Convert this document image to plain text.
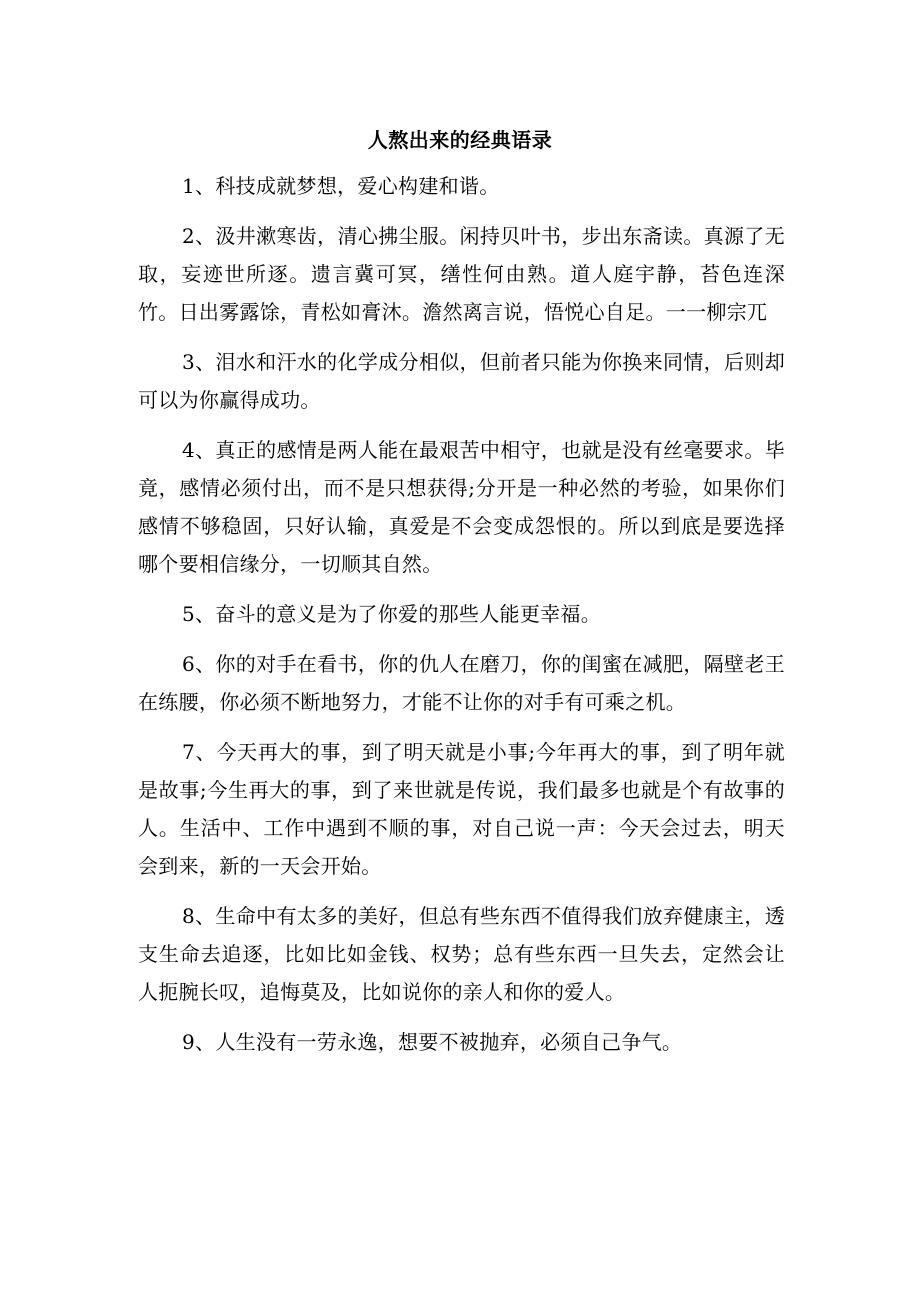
人熬出来的经典语录

1、科技成就梦想，爱心构建和谐。

2、汲井漱寒齿，清心拂尘服。闲持贝叶书，步出东斋读。真源了无取，妄迹世所逐。遗言冀可冥，缮性何由熟。道人庭宇静，苔色连深竹。日出雾露馀，青松如膏沐。澹然离言说，悟悦心自足。一一柳宗兀

3、泪水和汗水的化学成分相似，但前者只能为你换来同情，后则却可以为你赢得成功。

4、真正的感情是两人能在最艰苦中相守，也就是没有丝毫要求。毕竟，感情必须付出，而不是只想获得;分开是一种必然的考验，如果你们感情不够稳固，只好认输，真爱是不会变成怨恨的。所以到底是要选择哪个要相信缘分，一切顺其自然。

5、奋斗的意义是为了你爱的那些人能更幸福。

6、你的对手在看书，你的仇人在磨刀，你的闺蜜在减肥，隔壁老王在练腰，你必须不断地努力，才能不让你的对手有可乘之机。

7、今天再大的事，到了明天就是小事;今年再大的事，到了明年就是故事;今生再大的事，到了来世就是传说，我们最多也就是个有故事的人。生活中、工作中遇到不顺的事，对自己说一声：今天会过去，明天会到来，新的一天会开始。

8、生命中有太多的美好，但总有些东西不值得我们放弃健康主，透支生命去追逐，比如比如金钱、权势；总有些东西一旦失去，定然会让人扼腕长叹，追悔莫及，比如说你的亲人和你的爱人。

9、人生没有一劳永逸，想要不被抛弃，必须自己争气。
